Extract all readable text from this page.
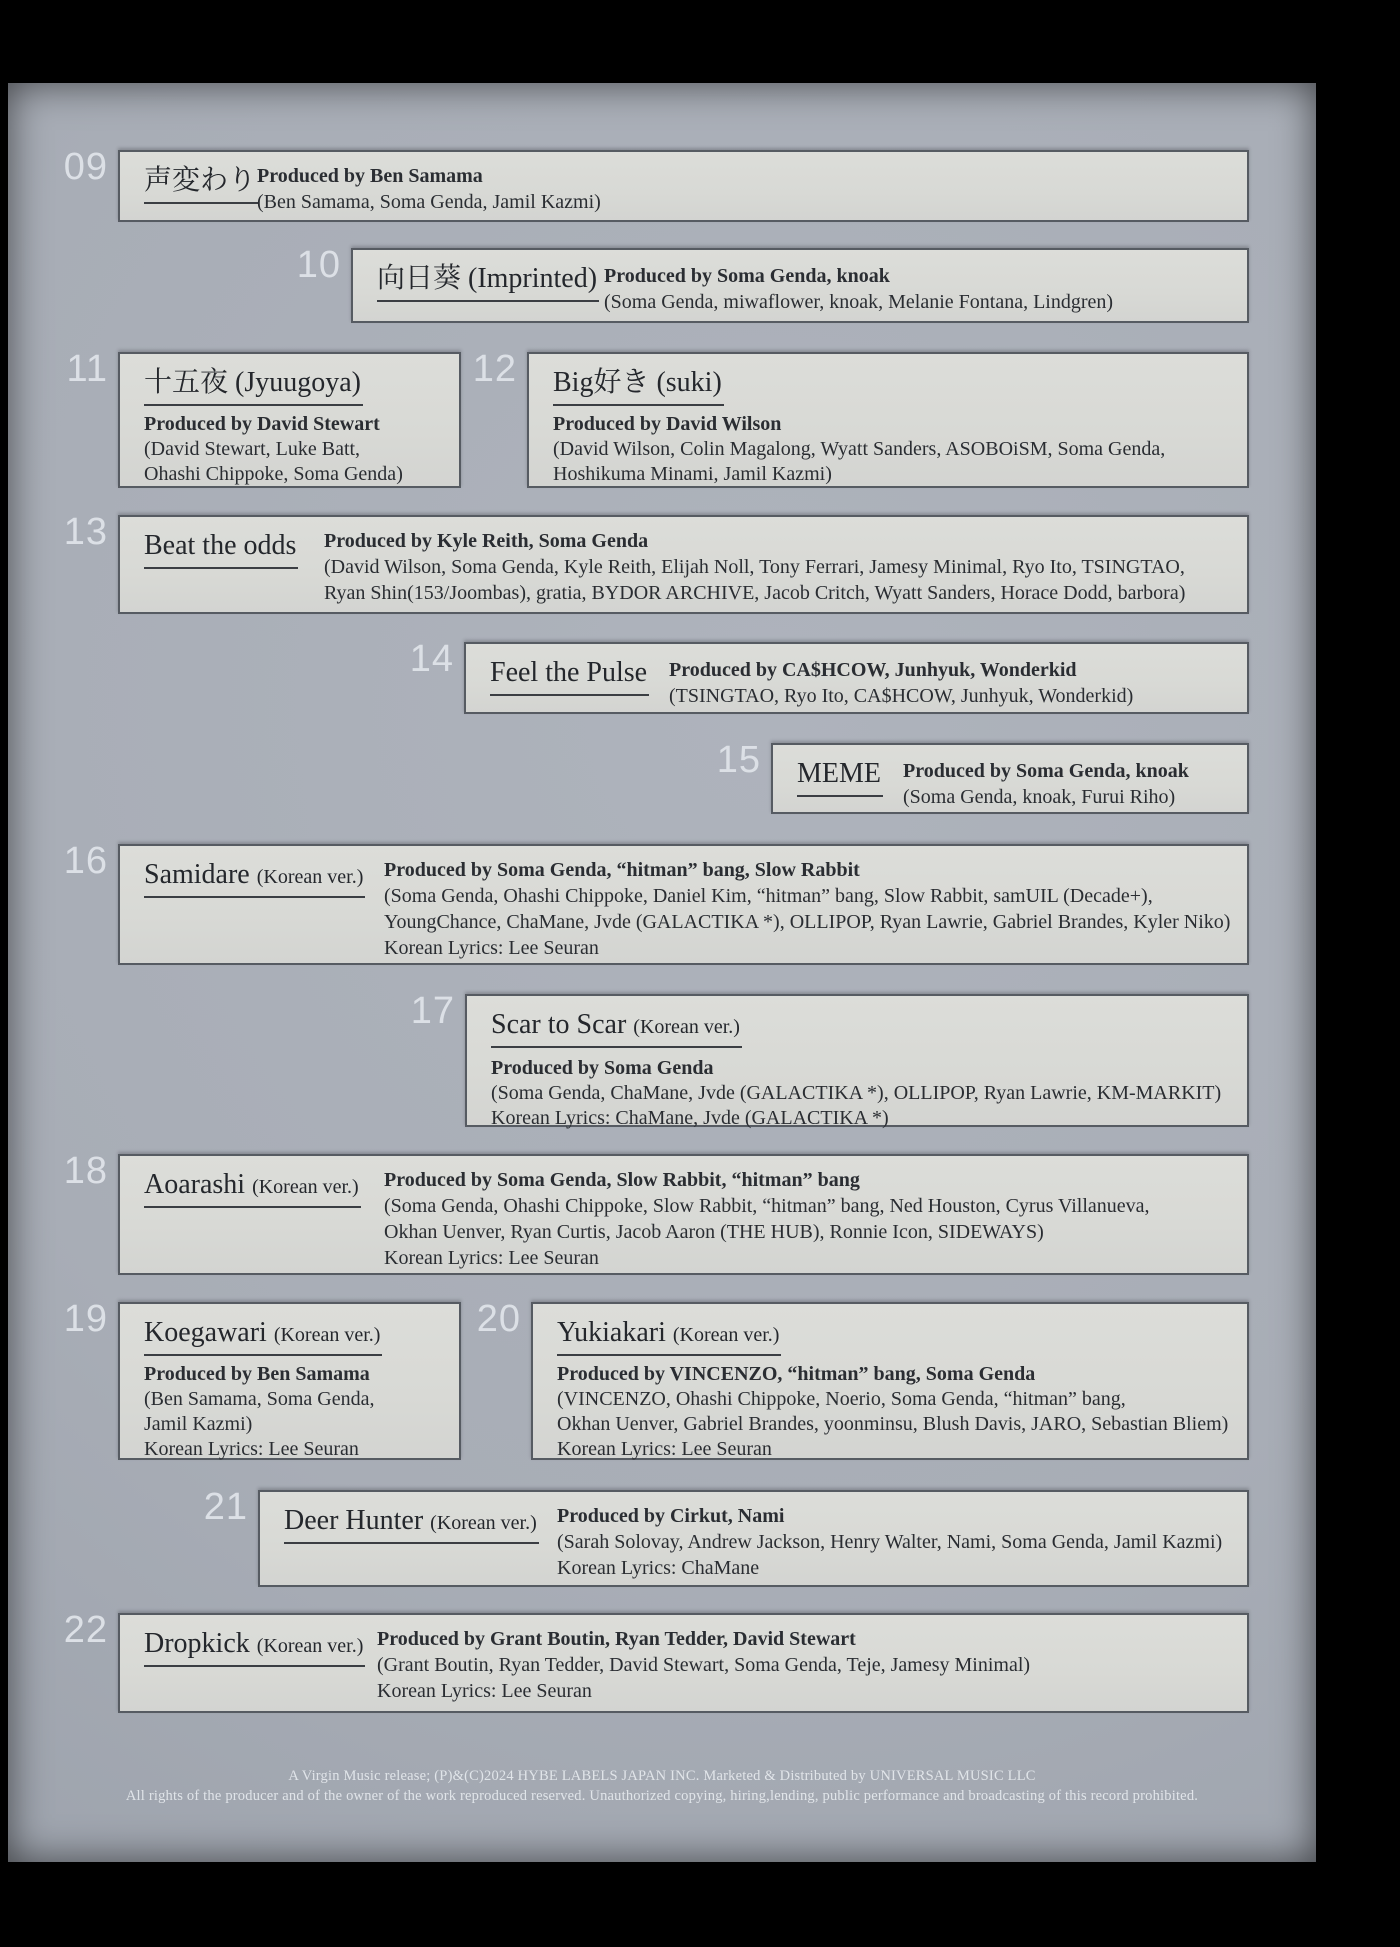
09 声変わり Produced by Ben Samama
(Ben Samama, Soma Genda, Jamil Kazmi)
10 向日葵 (Imprinted) Produced by Soma Genda, knoak
(Soma Genda, miwaflower, knoak, Melanie Fontana, Lindgren)
11 十五夜 (Jyuugoya)
Produced by David Stewart
(David Stewart, Luke Batt,
Ohashi Chippoke, Soma Genda)
12 Big好き (suki)
Produced by David Wilson
(David Wilson, Colin Magalong, Wyatt Sanders, ASOBOiSM, Soma Genda,
Hoshikuma Minami, Jamil Kazmi)
13 Beat the odds Produced by Kyle Reith, Soma Genda
(David Wilson, Soma Genda, Kyle Reith, Elijah Noll, Tony Ferrari, Jamesy Minimal, Ryo Ito, TSINGTAO,
Ryan Shin(153/Joombas), gratia, BYDOR ARCHIVE, Jacob Critch, Wyatt Sanders, Horace Dodd, barbora)
14 Feel the Pulse Produced by CA$HCOW, Junhyuk, Wonderkid
(TSINGTAO, Ryo Ito, CA$HCOW, Junhyuk, Wonderkid)
15 MEME Produced by Soma Genda, knoak
(Soma Genda, knoak, Furui Riho)
16 Samidare (Korean ver.) Produced by Soma Genda, “hitman” bang, Slow Rabbit
(Soma Genda, Ohashi Chippoke, Daniel Kim, “hitman” bang, Slow Rabbit, samUIL (Decade+),
YoungChance, ChaMane, Jvde (GALACTIKA *), OLLIPOP, Ryan Lawrie, Gabriel Brandes, Kyler Niko)
Korean Lyrics: Lee Seuran
17 Scar to Scar (Korean ver.)
Produced by Soma Genda
(Soma Genda, ChaMane, Jvde (GALACTIKA *), OLLIPOP, Ryan Lawrie, KM-MARKIT)
Korean Lyrics: ChaMane, Jvde (GALACTIKA *)
18 Aoarashi (Korean ver.) Produced by Soma Genda, Slow Rabbit, “hitman” bang
(Soma Genda, Ohashi Chippoke, Slow Rabbit, “hitman” bang, Ned Houston, Cyrus Villanueva,
Okhan Uenver, Ryan Curtis, Jacob Aaron (THE HUB), Ronnie Icon, SIDEWAYS)
Korean Lyrics: Lee Seuran
19 Koegawari (Korean ver.)
Produced by Ben Samama
(Ben Samama, Soma Genda,
Jamil Kazmi)
Korean Lyrics: Lee Seuran
20 Yukiakari (Korean ver.)
Produced by VINCENZO, “hitman” bang, Soma Genda
(VINCENZO, Ohashi Chippoke, Noerio, Soma Genda, “hitman” bang,
Okhan Uenver, Gabriel Brandes, yoonminsu, Blush Davis, JARO, Sebastian Bliem)
Korean Lyrics: Lee Seuran
21 Deer Hunter (Korean ver.) Produced by Cirkut, Nami
(Sarah Solovay, Andrew Jackson, Henry Walter, Nami, Soma Genda, Jamil Kazmi)
Korean Lyrics: ChaMane
22 Dropkick (Korean ver.) Produced by Grant Boutin, Ryan Tedder, David Stewart
(Grant Boutin, Ryan Tedder, David Stewart, Soma Genda, Teje, Jamesy Minimal)
Korean Lyrics: Lee Seuran
A Virgin Music release; (P)&(C)2024 HYBE LABELS JAPAN INC. Marketed & Distributed by UNIVERSAL MUSIC LLC
All rights of the producer and of the owner of the work reproduced reserved. Unauthorized copying, hiring,lending, public performance and broadcasting of this record prohibited.
